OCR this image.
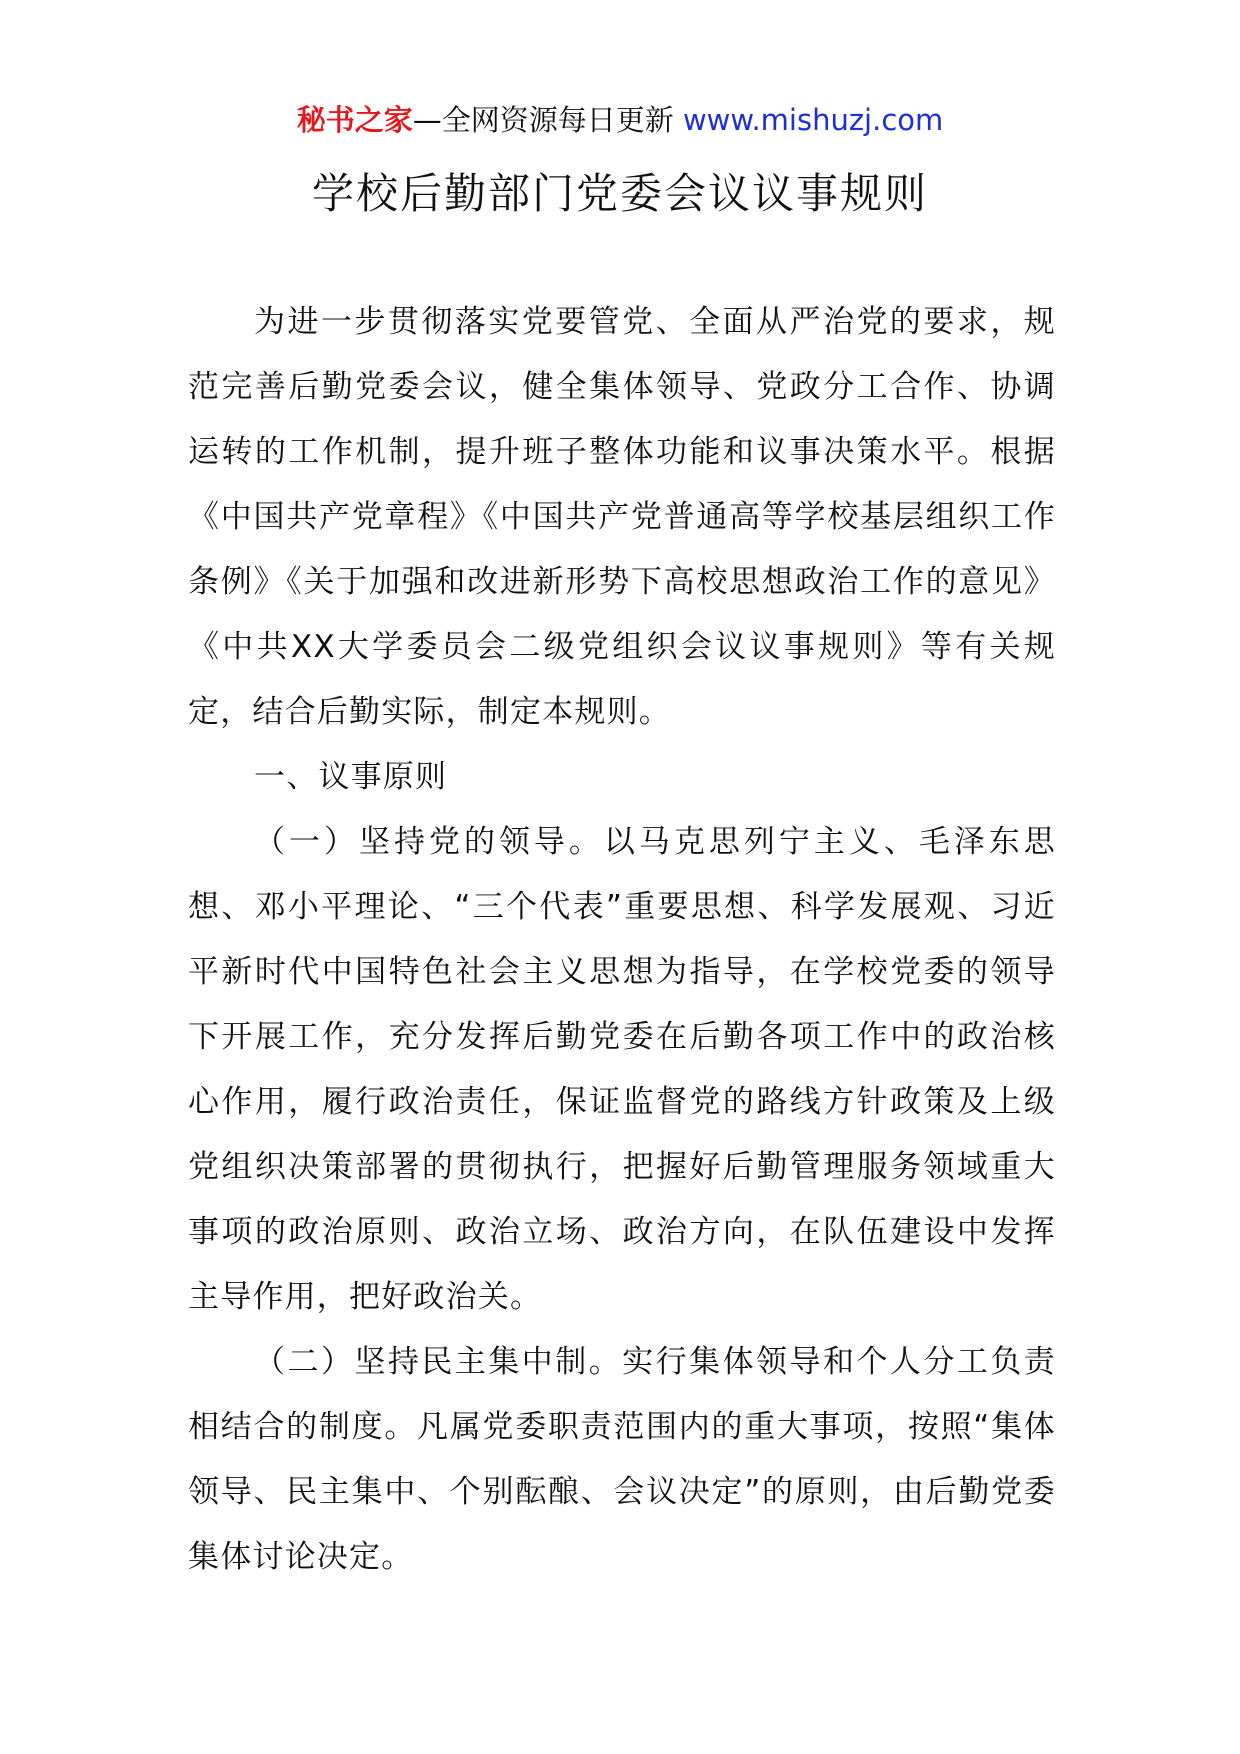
秘书之家—全网资源每日更新 www.mishuzj.com
学校后勤部门党委会议议事规则

为进一步贯彻落实党要管党、全面从严治党的要求，规范完善后勤党委会议，健全集体领导、党政分工合作、协调运转的工作机制，提升班子整体功能和议事决策水平。根据《中国共产党章程》《中国共产党普通高等学校基层组织工作条例》《关于加强和改进新形势下高校思想政治工作的意见》《中共XX大学委员会二级党组织会议议事规则》等有关规定，结合后勤实际，制定本规则。

一、议事原则

（一）坚持党的领导。以马克思列宁主义、毛泽东思想、邓小平理论、“三个代表”重要思想、科学发展观、习近平新时代中国特色社会主义思想为指导，在学校党委的领导下开展工作，充分发挥后勤党委在后勤各项工作中的政治核心作用，履行政治责任，保证监督党的路线方针政策及上级党组织决策部署的贯彻执行，把握好后勤管理服务领域重大事项的政治原则、政治立场、政治方向，在队伍建设中发挥主导作用，把好政治关。

（二）坚持民主集中制。实行集体领导和个人分工负责相结合的制度。凡属党委职责范围内的重大事项，按照“集体领导、民主集中、个别酝酿、会议决定”的原则，由后勤党委集体讨论决定。
